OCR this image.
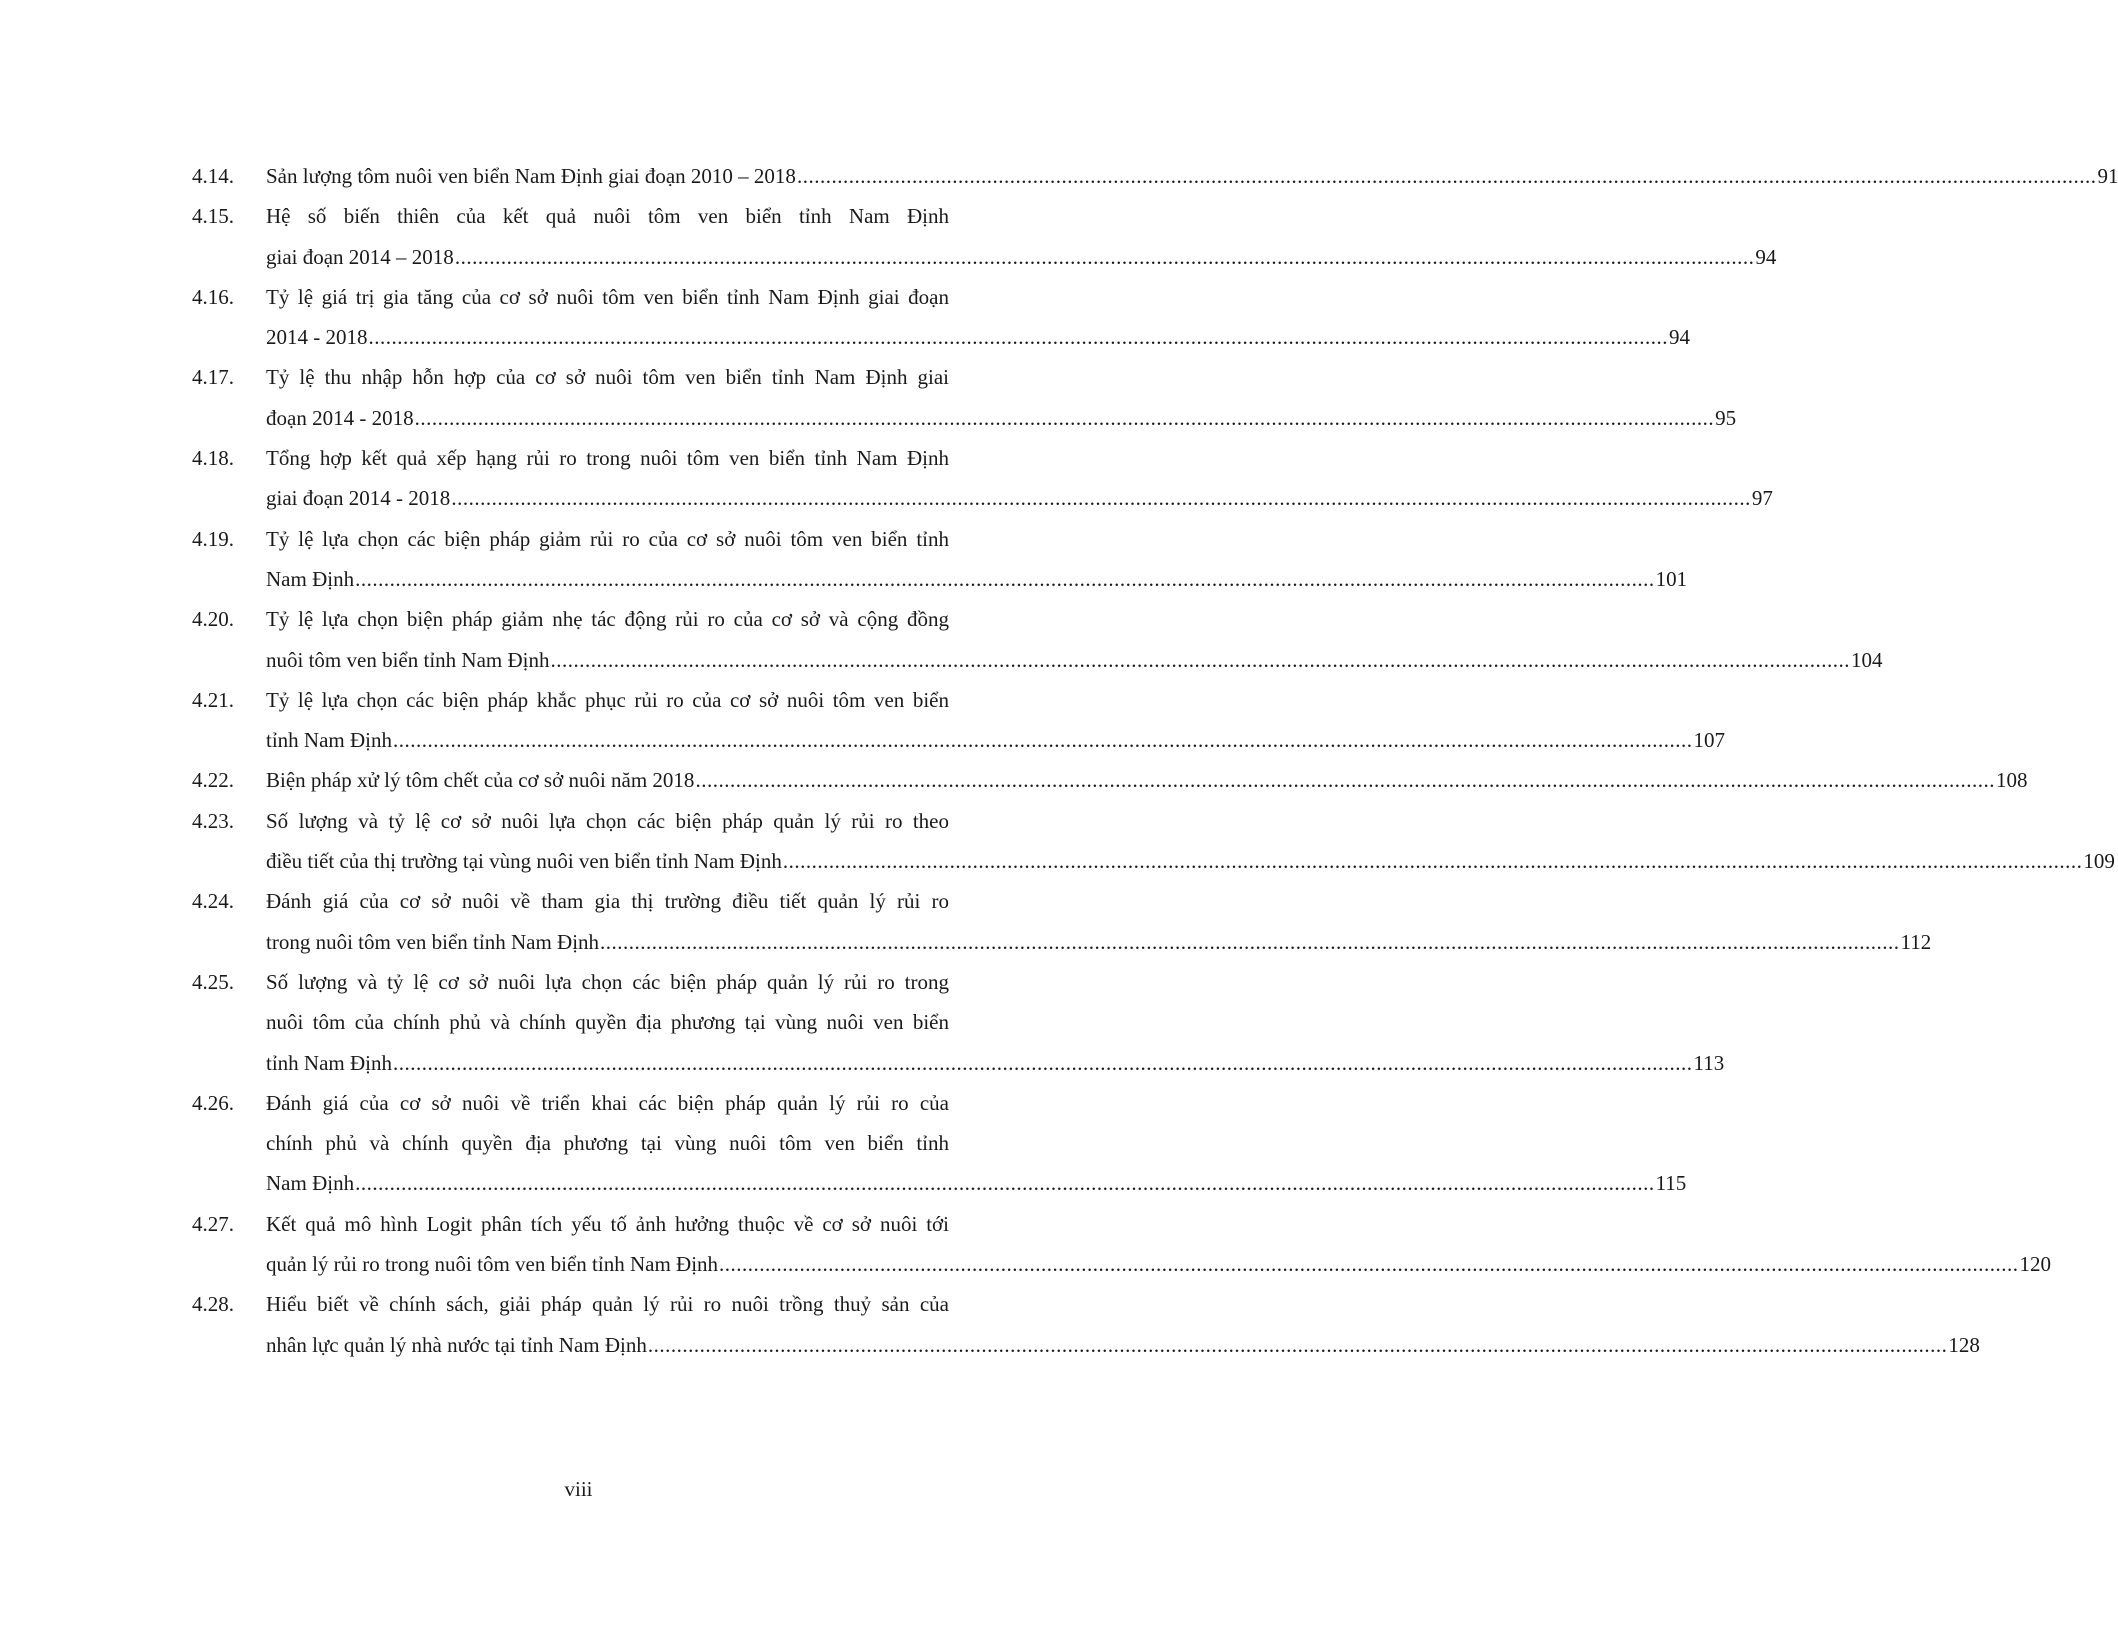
4.14.	Sản lượng tôm nuôi ven biển Nam Định giai đoạn 2010 – 2018 .....	91
4.15.	Hệ số biến thiên của kết quả nuôi tôm ven biển tỉnh Nam Định
giai đoạn 2014 – 2018 .....	94
4.16.	Tỷ lệ giá trị gia tăng của cơ sở nuôi tôm ven biển tỉnh Nam Định giai đoạn
2014 - 2018 .....	94
4.17.	Tỷ lệ thu nhập hỗn hợp của cơ sở nuôi tôm ven biển tỉnh Nam Định giai
đoạn 2014 - 2018 .....	95
4.18.	Tổng hợp kết quả xếp hạng rủi ro trong nuôi tôm ven biển tỉnh Nam Định
giai đoạn 2014 - 2018 .....	97
4.19.	Tỷ lệ lựa chọn các biện pháp giảm rủi ro của cơ sở nuôi tôm ven biển tỉnh
Nam Định .....	101
4.20.	Tỷ lệ lựa chọn biện pháp giảm nhẹ tác động rủi ro của cơ sở và cộng đồng
nuôi tôm ven biển tỉnh Nam Định .....	104
4.21.	Tỷ lệ lựa chọn các biện pháp khắc phục rủi ro của cơ sở nuôi tôm ven biển
tỉnh Nam Định .....	107
4.22.	Biện pháp xử lý tôm chết của cơ sở nuôi năm 2018 .....	108
4.23.	Số lượng và tỷ lệ cơ sở nuôi lựa chọn các biện pháp quản lý rủi ro theo
điều tiết của thị trường tại vùng nuôi ven biển tỉnh Nam Định .....	109
4.24.	Đánh giá của cơ sở nuôi về tham gia thị trường điều tiết quản lý rủi ro
trong nuôi tôm ven biển tỉnh Nam Định .....	112
4.25.	Số lượng và tỷ lệ cơ sở nuôi lựa chọn các biện pháp quản lý rủi ro trong
nuôi tôm của chính phủ và chính quyền địa phương tại vùng nuôi ven biển
tỉnh Nam Định .....	113
4.26.	Đánh giá của cơ sở nuôi về triển khai các biện pháp quản lý rủi ro của
chính phủ và chính quyền địa phương tại vùng nuôi tôm ven biển tỉnh
Nam Định .....	115
4.27.	Kết quả mô hình Logit phân tích yếu tố ảnh hưởng thuộc về cơ sở nuôi tới
quản lý rủi ro trong nuôi tôm ven biển tỉnh Nam Định .....	120
4.28.	Hiểu biết về chính sách, giải pháp quản lý rủi ro nuôi trồng thuỷ sản của
nhân lực quản lý nhà nước tại tỉnh Nam Định .....	128
viii
